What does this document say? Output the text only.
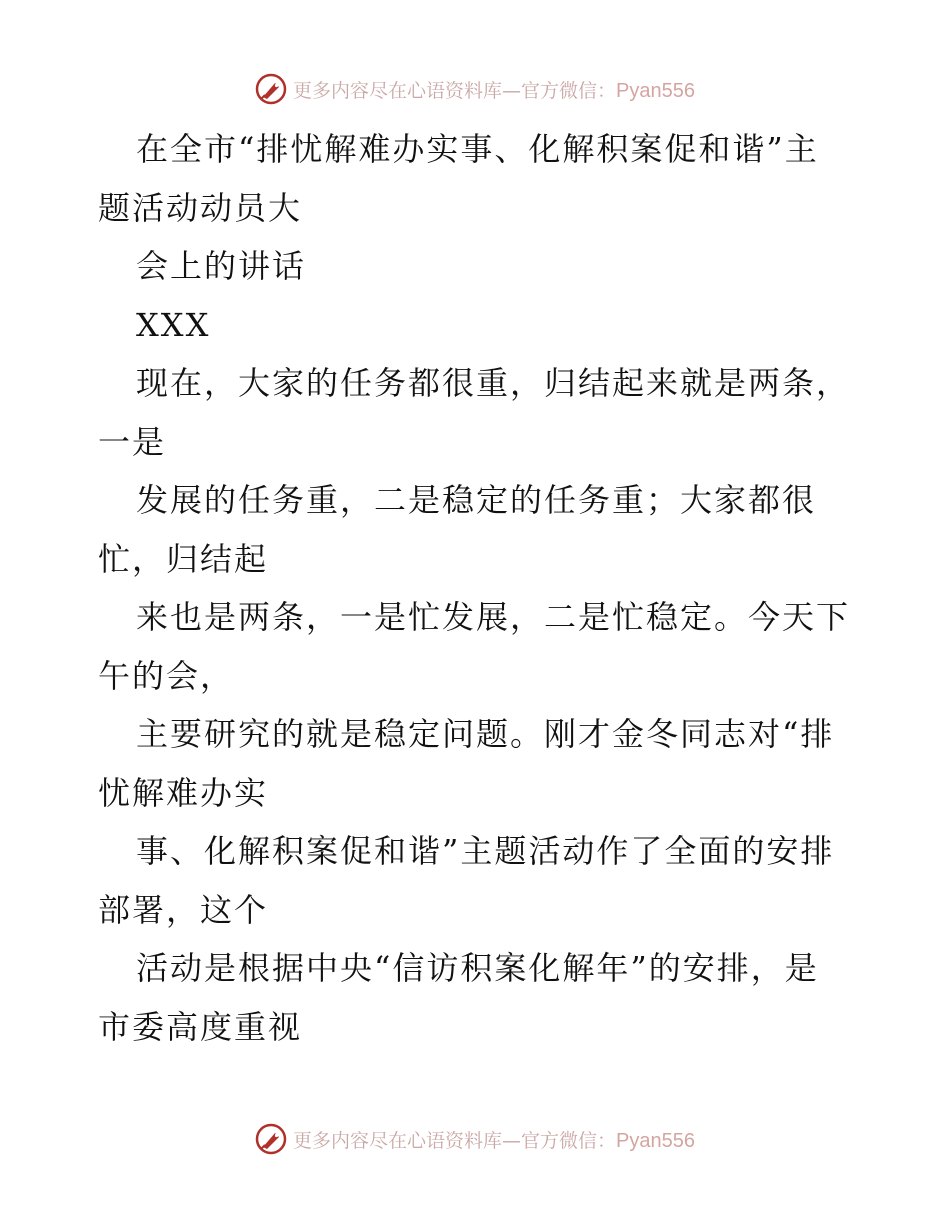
更多内容尽在心语资料库—官方微信：Pyan556
在全市“排忧解难办实事、化解积案促和谐”主
题活动动员大
会上的讲话
XXX
现在，大家的任务都很重，归结起来就是两条，
一是
发展的任务重，二是稳定的任务重；大家都很
忙，归结起
来也是两条，一是忙发展，二是忙稳定。今天下
午的会，
主要研究的就是稳定问题。刚才金冬同志对“排
忧解难办实
事、化解积案促和谐”主题活动作了全面的安排
部署，这个
活动是根据中央“信访积案化解年”的安排，是
市委高度重视
更多内容尽在心语资料库—官方微信：Pyan556
